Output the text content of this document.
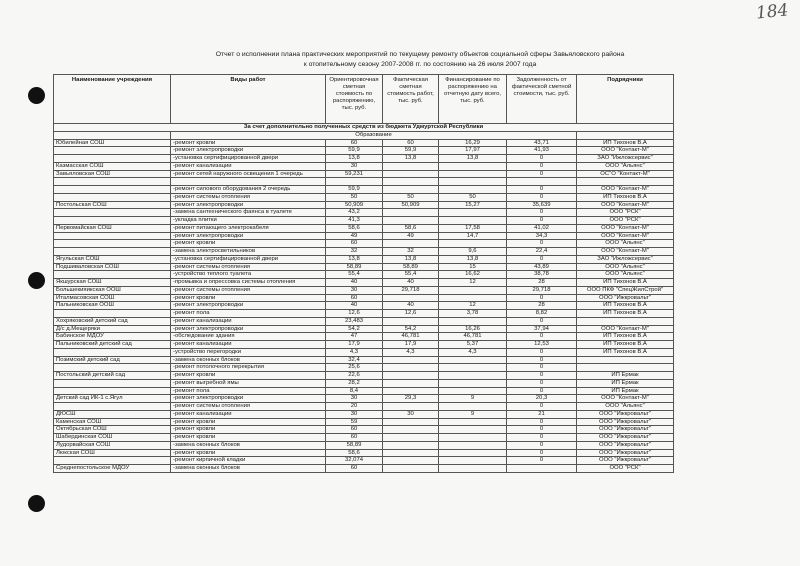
184
Отчет о исполнении плана практических мероприятий по текущему ремонту объектов социальной сферы Завьяловского района
к отопительному сезону 2007-2008 гг. по состоянию на 26 июля 2007 года
Наименование учреждения	Виды работ	Ориентировочная сметная стоимость по распоряжению, тыс. руб.	Фактическая сметная стоимость работ, тыс. руб.	Финансирование по распоряжению на отчетную дату всего, тыс. руб.	Задолженность от фактической сметной стоимости, тыс. руб.	Подрядчики
За счет дополнительно полученных средств из бюджета Удмуртской Республики						
	Образование					
Юбилейная СОШ	-ремонт кровли	60	60	16,29	43,71	ИП Тихонов В.А
	-ремонт электропроводки	59,9	59,9	17,97	41,93	ООО "Контакт-М"
	-установка сертифицированной двери	13,8	13,8	13,8	0	ЗАО "Ижложсервис"
Казмасская СОШ	-ремонт канализации	30			0	ООО "Альянс"
Завьяловская СОШ	-ремонт сетей наружного освещения 1 очередь	59,231			0	ОС"О "Контакт-М"

	-ремонт силового оборудования 2 очередь	59,9			0	ООО "Контакт-М"
	-ремонт системы отопления	50	50	50	0	ИП Тихонов В.А
Постольская СОШ	-ремонт электропроводки	50,909	50,909	15,27	35,639	ООО "Контакт-М"
	-замена сантехнического фаянса в туалете	43,2			0	ООО "РСК"
	-укладка плитки	41,3			0	ООО "РСК"
Первомайская СОШ	-ремонт питающего электрокабеля	58,6	58,6	17,58	41,02	ООО "Контакт-М"
	-ремонт электропроводки	49	49	14,7	34,3	ООО "Контакт-М"
	-ремонт кровли	60			0	ООО "Альянс"
	-замена электросветильников	32	32	9,6	22,4	ООО "Контакт-М"
Ягульская СОШ	-установка сертифицированной двери	13,8	13,8	13,8	0	ЗАО "Ижложсервис"
Подшиваловская СОШ	-ремонт системы отопления	58,89	58,89	15	43,89	ООО "Альянс"
	-устройство теплого туалета	55,4	55,4	16,62	38,78	ООО "Альянс"
Якшурская СОШ	-промывка и опрессовка системы отопления	40	40	12	28	ИП Тихонов В.А
Большекияикская ООШ	-ремонт системы отопления	30	29,718		29,718	ООО ПКФ "СпецЖилСтрой"
Италмасовская СОШ	-ремонт кровли	60			0	ООО "Ижкровальт"
Пальниковская ООШ	-ремонт электропроводки	40	40	12	28	ИП Тихонов В.А
	-ремонт пола	12,6	12,6	3,78	8,82	ИП Тихонов В.А
Хохряковский детский сад	-ремонт канализации	23,483			0	
Д/с д.Мещеряки	-ремонт электропроводки	54,2	54,2	16,26	37,94	ООО "Контакт-М"
Бабинское МДОУ	-обследование здания	47	46,781	46,781	0	ИП Тихонов В.А
Пальниковский детский сад	-ремонт канализации	17,9	17,9	5,37	12,53	ИП Тихонов В.А
	-устройство перегородки	4,3	4,3	4,3	0	ИП Тихонов В.А
Позимский детский сад	-замена оконных блоков	32,4			0	
	-ремонт потолочного перекрытия	25,6			0	
Постольский детский сад	-ремонт кровли	22,6			0	ИП Ермак
	-ремонт выгребной ямы	28,2			0	ИП Ермак
	-ремонт пола	8,4			0	ИП Ермак
Детский сад ИК-1 с.Ягул	-ремонт электропроводки	30	29,3	9	20,3	ООО "Контакт-М"
	-ремонт системы отопления	20			0	ООО "Альянс"
ДЮСШ	-ремонт канализации	30	30	9	21	ООО "Ижкровальт"
Каменская СОШ	-ремонт кровли	59			0	ООО "Ижкровальт"
Октябрьская СОШ	-ремонт кровли	60			0	ООО "Ижкровальт"
Шабердинская СОШ	-ремонт кровли	60			0	ООО "Ижкровальт"
Лудорвайская СОШ	-замена оконных блоков	58,89			0	ООО "Ижкровальт"
Люкская СОШ	-ремонт кровли	58,6			0	ООО "Ижкровальт"
	-ремонт кирпичной кладки	32,074			0	ООО "Ижкровальт"
Среднепостольское МДОУ	-замена оконных блоков	60				ООО "РСК"
